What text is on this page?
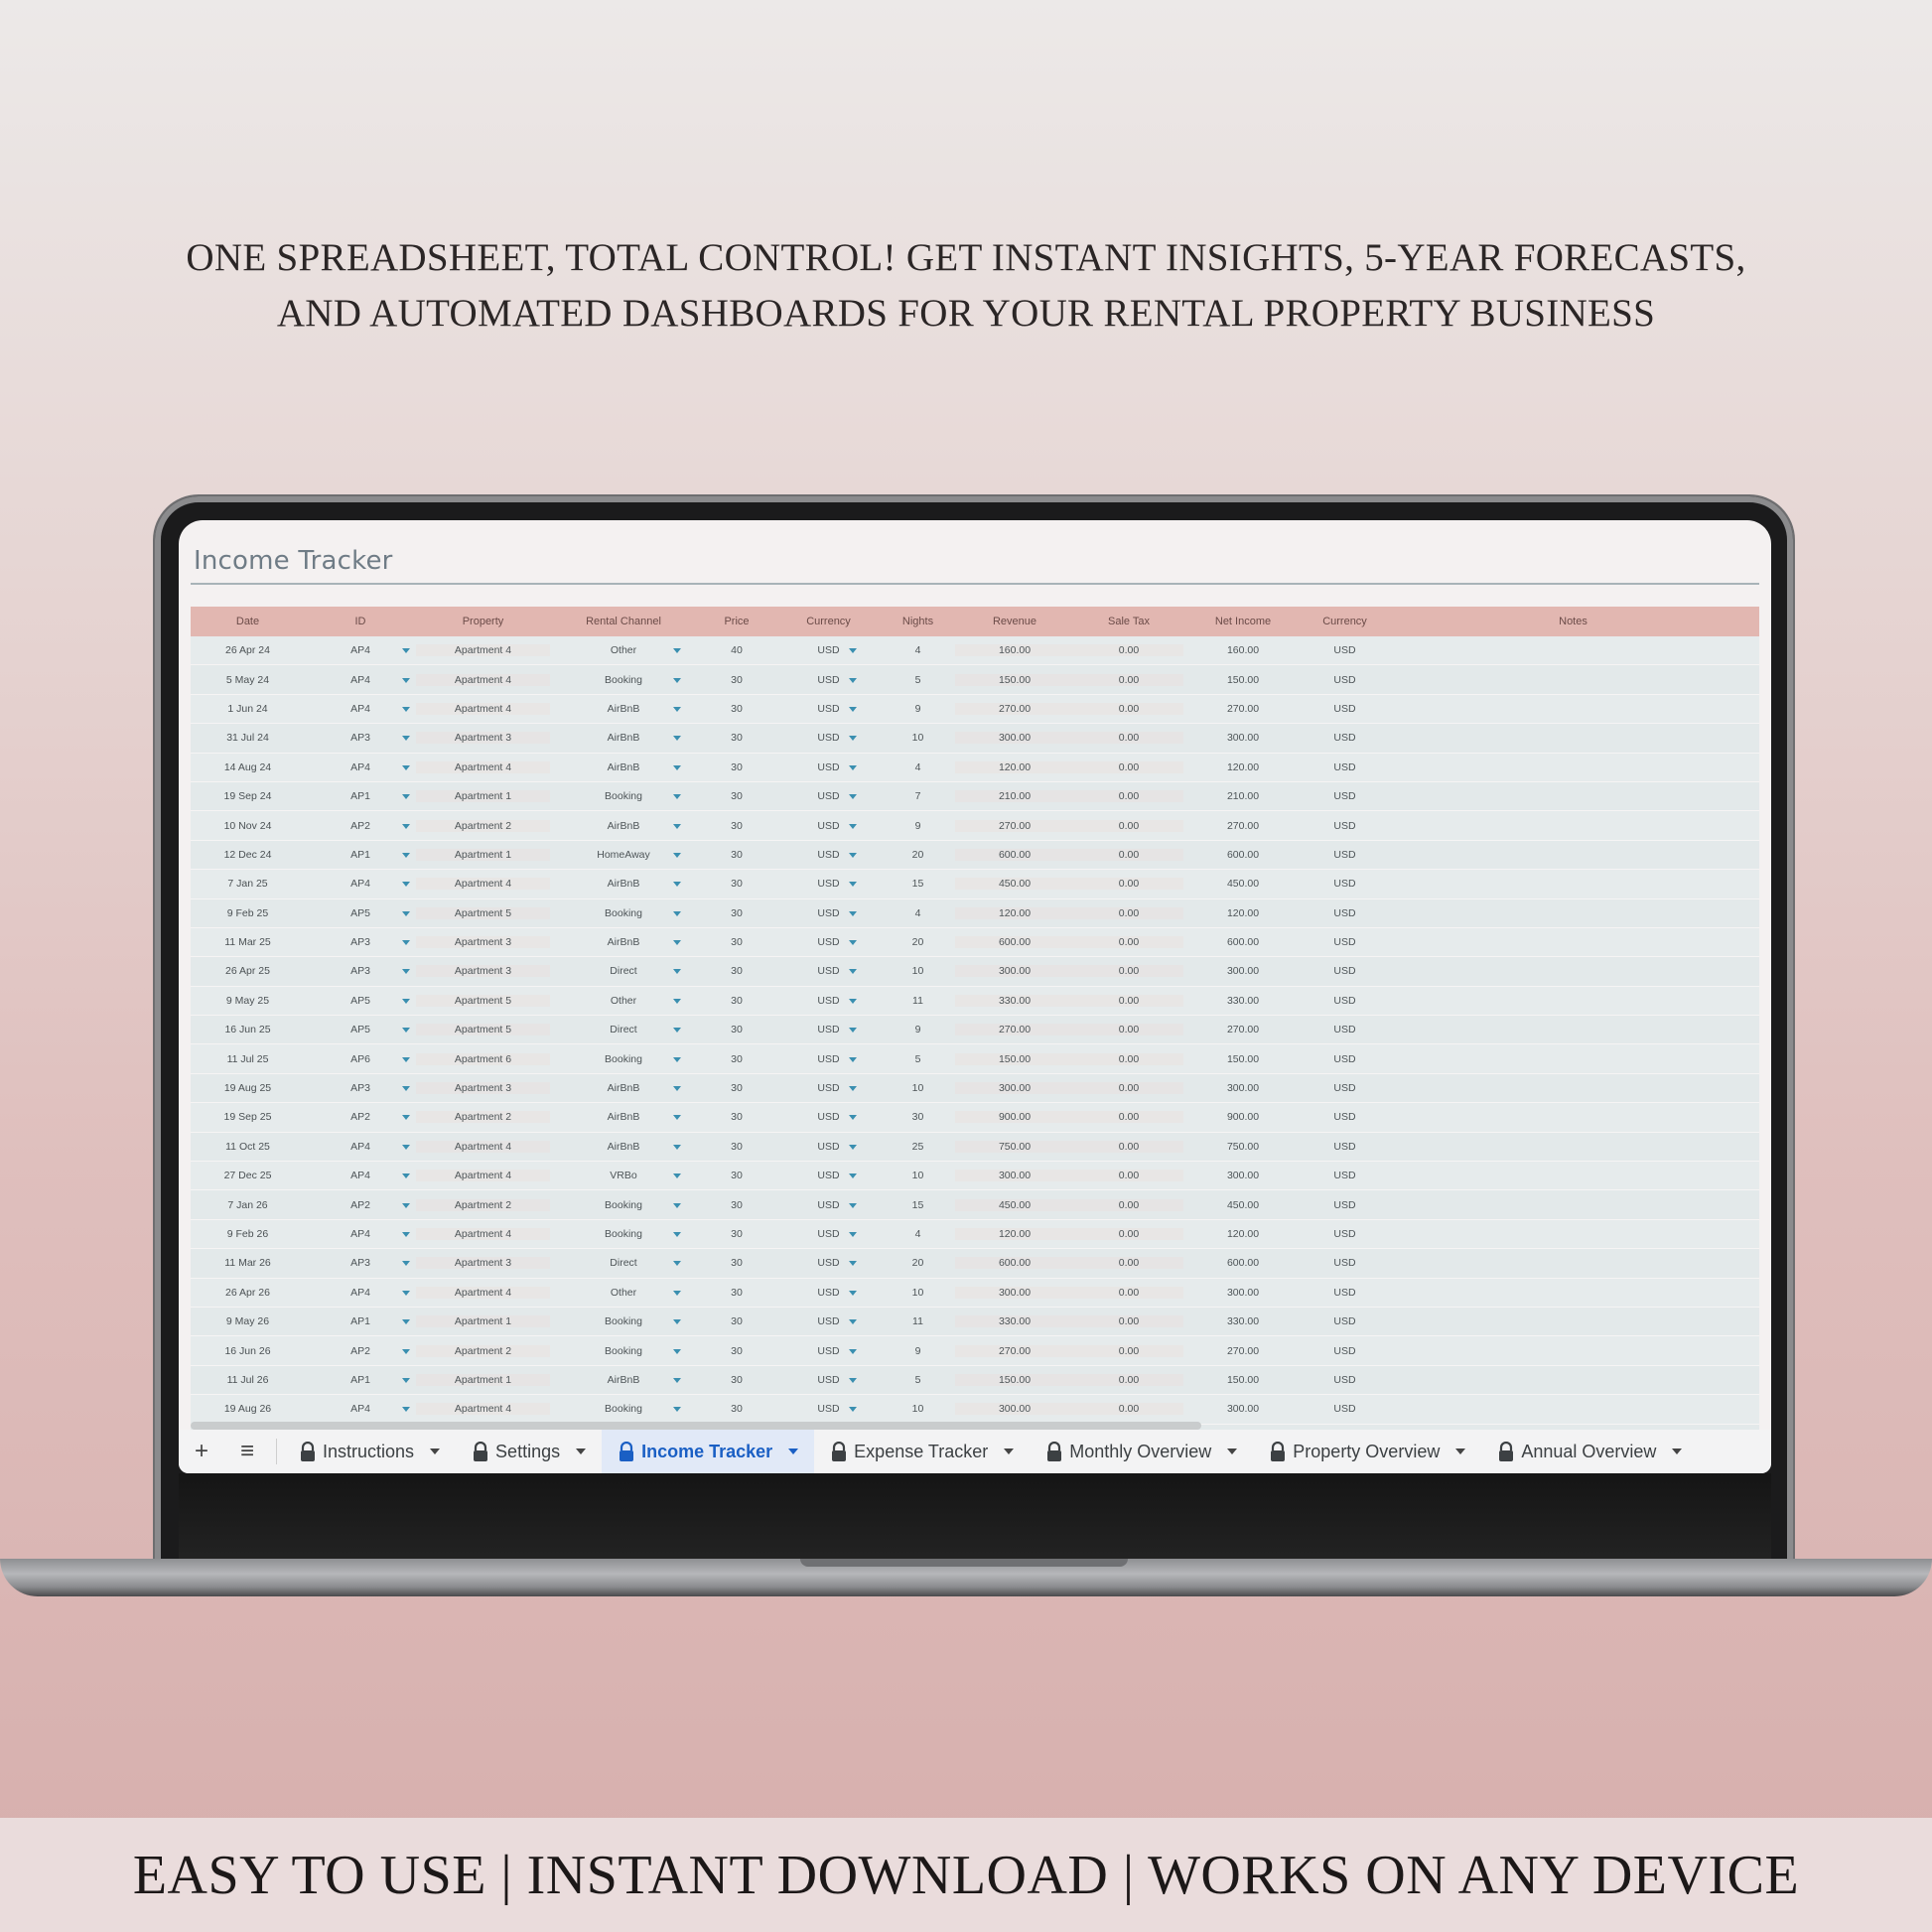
ONE SPREADSHEET, TOTAL CONTROL! GET INSTANT INSIGHTS, 5-YEAR FORECASTS,
AND AUTOMATED DASHBOARDS FOR YOUR RENTAL PROPERTY BUSINESS
Income Tracker
Date	ID	Property	Rental Channel	Price	Currency	Nights	Revenue	Sale Tax	Net Income	Currency	Notes
26 Apr 24	AP4	Apartment 4	Other	40	USD	4	160.00	0.00	160.00	USD
5 May 24	AP4	Apartment 4	Booking	30	USD	5	150.00	0.00	150.00	USD
1 Jun 24	AP4	Apartment 4	AirBnB	30	USD	9	270.00	0.00	270.00	USD
31 Jul 24	AP3	Apartment 3	AirBnB	30	USD	10	300.00	0.00	300.00	USD
14 Aug 24	AP4	Apartment 4	AirBnB	30	USD	4	120.00	0.00	120.00	USD
19 Sep 24	AP1	Apartment 1	Booking	30	USD	7	210.00	0.00	210.00	USD
10 Nov 24	AP2	Apartment 2	AirBnB	30	USD	9	270.00	0.00	270.00	USD
12 Dec 24	AP1	Apartment 1	HomeAway	30	USD	20	600.00	0.00	600.00	USD
7 Jan 25	AP4	Apartment 4	AirBnB	30	USD	15	450.00	0.00	450.00	USD
9 Feb 25	AP5	Apartment 5	Booking	30	USD	4	120.00	0.00	120.00	USD
11 Mar 25	AP3	Apartment 3	AirBnB	30	USD	20	600.00	0.00	600.00	USD
26 Apr 25	AP3	Apartment 3	Direct	30	USD	10	300.00	0.00	300.00	USD
9 May 25	AP5	Apartment 5	Other	30	USD	11	330.00	0.00	330.00	USD
16 Jun 25	AP5	Apartment 5	Direct	30	USD	9	270.00	0.00	270.00	USD
11 Jul 25	AP6	Apartment 6	Booking	30	USD	5	150.00	0.00	150.00	USD
19 Aug 25	AP3	Apartment 3	AirBnB	30	USD	10	300.00	0.00	300.00	USD
19 Sep 25	AP2	Apartment 2	AirBnB	30	USD	30	900.00	0.00	900.00	USD
11 Oct 25	AP4	Apartment 4	AirBnB	30	USD	25	750.00	0.00	750.00	USD
27 Dec 25	AP4	Apartment 4	VRBo	30	USD	10	300.00	0.00	300.00	USD
7 Jan 26	AP2	Apartment 2	Booking	30	USD	15	450.00	0.00	450.00	USD
9 Feb 26	AP4	Apartment 4	Booking	30	USD	4	120.00	0.00	120.00	USD
11 Mar 26	AP3	Apartment 3	Direct	30	USD	20	600.00	0.00	600.00	USD
26 Apr 26	AP4	Apartment 4	Other	30	USD	10	300.00	0.00	300.00	USD
9 May 26	AP1	Apartment 1	Booking	30	USD	11	330.00	0.00	330.00	USD
16 Jun 26	AP2	Apartment 2	Booking	30	USD	9	270.00	0.00	270.00	USD
11 Jul 26	AP1	Apartment 1	AirBnB	30	USD	5	150.00	0.00	150.00	USD
19 Aug 26	AP4	Apartment 4	Booking	30	USD	10	300.00	0.00	300.00	USD
+	≡	Instructions	Settings	Income Tracker	Expense Tracker	Monthly Overview	Property Overview	Annual Overview
EASY TO USE | INSTANT DOWNLOAD | WORKS ON ANY DEVICE
